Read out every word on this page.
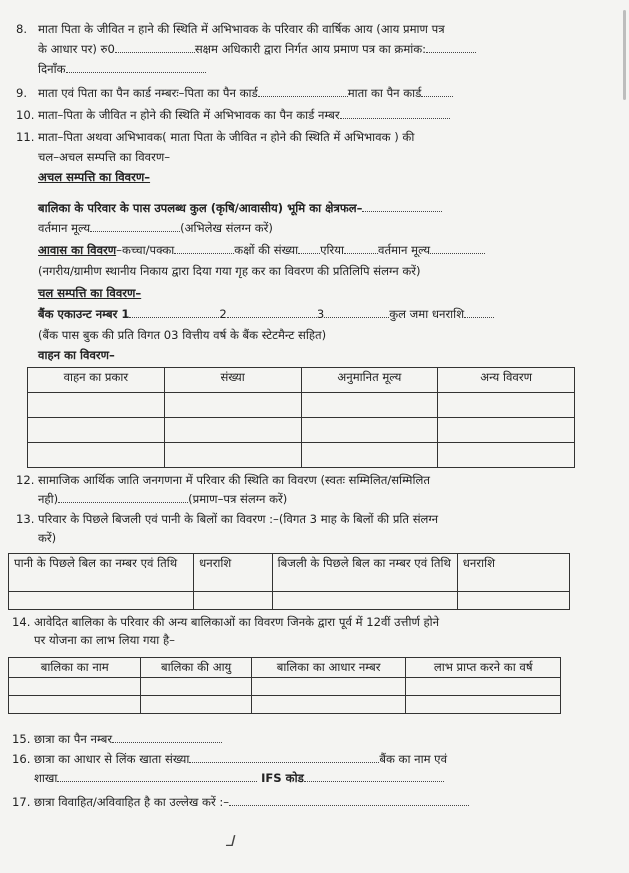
8. माता पिता के जीवित न हाने की स्थिति में अभिभावक के परिवार की वार्षिक आय (आय प्रमाण पत्र
के आधार पर) रु0	सक्षम अधिकारी द्वारा निर्गत आय प्रमाण पत्र का क्रमांक:
दिनाँक
9. माता एवं पिता का पैन कार्ड नम्बरः–पिता का पैन कार्ड	माता का पैन कार्ड
10. माता–पिता के जीवित न होने की स्थिति में अभिभावक का पैन कार्ड नम्बर
11. माता–पिता अथवा अभिभावक( माता पिता के जीवित न होने की स्थिति में अभिभावक ) की
चल–अचल सम्पत्ति का विवरण–
अचल सम्पत्ति का विवरण–
बालिका के परिवार के पास उपलब्ध कुल (कृषि/आवासीय) भूमि का क्षेत्रफल–
वर्तमान मूल्य	(अभिलेख संलग्न करें)
आवास का विवरण–कच्चा/पक्का	कक्षों की संख्या एरिया	वर्तमान मूल्य
(नगरीय/ग्रामीण स्थानीय निकाय द्वारा दिया गया गृह कर का विवरण की प्रतिलिपि संलग्न करें)
चल सम्पत्ति का विवरण–
बैंक एकाउन्ट नम्बर 1	2	3	कुल जमा धनराशि
(बैंक पास बुक की प्रति विगत 03 वित्तीय वर्ष के बैंक स्टेटमैन्ट सहित)
वाहन का विवरण–
वाहन का प्रकार	संख्या	अनुमानित मूल्य	अन्य विवरण

12. सामाजिक आर्थिक जाति जनगणना में परिवार की स्थिति का विवरण (स्वतः सम्मिलित/सम्मिलित
नही)	(प्रमाण–पत्र संलग्न करें)
13. परिवार के पिछले बिजली एवं पानी के बिलों का विवरण :–(विगत 3 माह के बिलों की प्रति संलग्न
करें)
पानी के पिछले बिल का नम्बर एवं तिथि	धनराशि	बिजली के पिछले बिल का नम्बर एवं तिथि	धनराशि

14. आवेदित बालिका के परिवार की अन्य बालिकाओं का विवरण जिनके द्वारा पूर्व में 12वीं उत्तीर्ण होने
पर योजना का लाभ लिया गया है–
बालिका का नाम	बालिका की आयु	बालिका का आधार नम्बर	लाभ प्राप्त करने का वर्ष

15. छात्रा का पैन नम्बर
16. छात्रा का आधार से लिंक खाता संख्या	बैंक का नाम एवं
शाखा	IFS कोड
17. छात्रा विवाहित/अविवाहित है का उल्लेख करें :–
ᒧ
